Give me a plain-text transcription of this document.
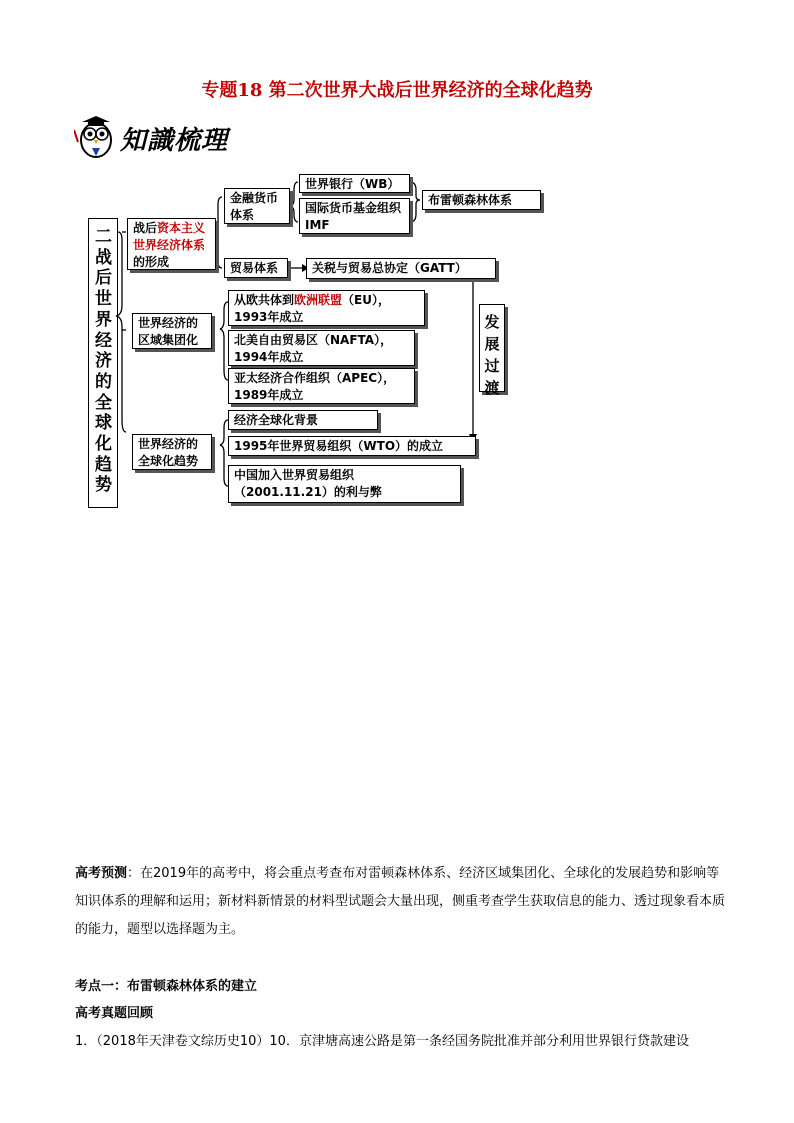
专题18 第二次世界大战后世界经济的全球化趋势
知識梳理
二战后世界经济的全球化趋势
战后资本主义世界经济体系的形成
金融货币体系
世界银行（WB）
国际货币基金组织IMF
布雷顿森林体系
贸易体系	关税与贸易总协定（GATT）
发展过渡
世界经济的区域集团化
从欧共体到欧洲联盟（EU），
1993年成立
北美自由贸易区（NAFTA），
1994年成立
亚太经济合作组织（APEC），
1989年成立
世界经济的全球化趋势
经济全球化背景
1995年世界贸易组织（WTO）的成立
中国加入世界贸易组织
（2001.11.21）的利与弊
高考预测：在2019年的高考中，将会重点考查布对雷顿森林体系、经济区域集团化、全球化的发展趋势和影响等知识体系的理解和运用；新材料新情景的材料型试题会大量出现，侧重考查学生获取信息的能力、透过现象看本质的能力，题型以选择题为主。
考点一：布雷顿森林体系的建立
高考真题回顾
1．（2018年天津卷文综历史10）10．京津塘高速公路是第一条经国务院批准并部分利用世界银行贷款建设
